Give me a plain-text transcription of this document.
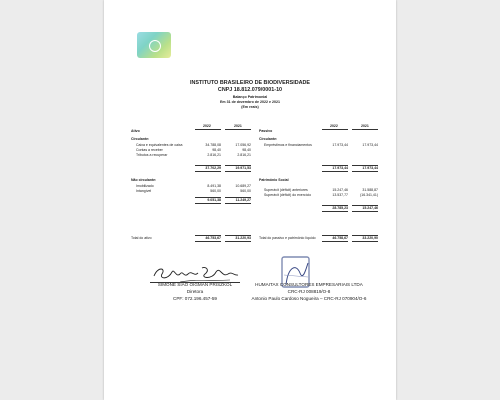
INSTITUTO BRASILEIRO DE BIODIVERSIDADE
CNPJ 18.812.079/0001-10
Balanço Patrimonial
Em 31 de dezembro de 2022 e 2021
(Em reais)
2022	2021	2022	2021
Ativo
Circulante:
Caixa e equivalentes de caixa	34.788,08	17.056,92
Contas a receber	98,40	98,40
Tributos a recuperar	2.816,21	2.816,21
37.702,29	19.971,53
Não circulante:
Imobilizado	8.491,38	10.689,27
Intangível	560,00	560,00
9.051,38	11.249,27
Total do ativo	46.753,67	31.220,93
Passivo
Circulante:
Empréstimos e financiamentos	17.973,44	17.973,44
17.973,44	17.973,44
Patrimônio Social
Superávit (déficit) anteriores	15.247,46	31.588,87
Superávit (déficit) do exercício	13.537,77	(16.341,41)
28.785,23	15.247,46
Total do passivo e patrimônio líquido	46.758,67	33.220,90
SIMONE SIAO OIGMAN PRISZKOL
Diretora
CPF: 072.196.457-59
HUMAITAX CONSULTORES EMPRESARIAIS LTDA
CRC-RJ 008819/O-8
Antonio Paulo Cardoso Nogueira – CRC-RJ 070904/O-6
